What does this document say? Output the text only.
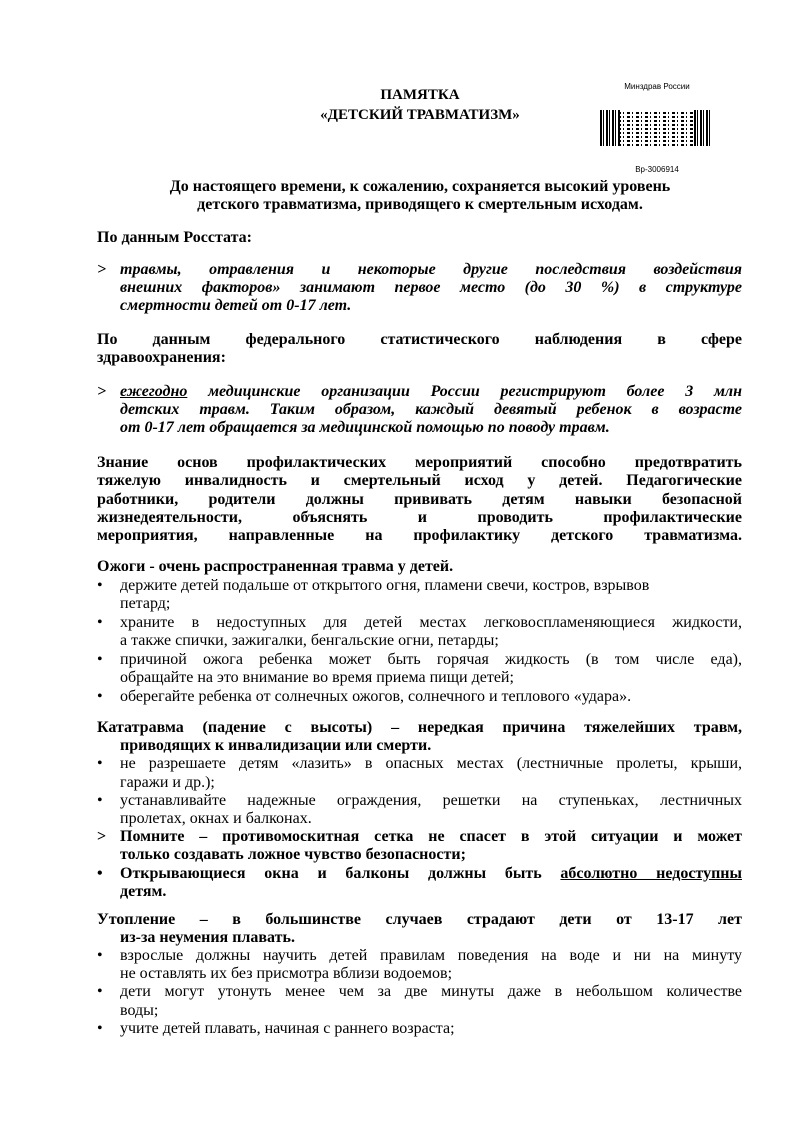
ПАМЯТКА
«ДЕТСКИЙ ТРАВМАТИЗМ»
Минздрав России
Вр-3006914
До настоящего времени, к сожалению, сохраняется высокий уровень
детского травматизма, приводящего к смертельным исходам.
По данным Росстата:
> травмы, отравления и некоторые другие последствия воздействия
внешних факторов» занимают первое место (до 30 %) в структуре
смертности детей от 0-17 лет.
По данным федерального статистического наблюдения в сфере
здравоохранения:
> ежегодно медицинские организации России регистрируют более 3 млн
детских травм. Таким образом, каждый девятый ребенок в возрасте
от 0-17 лет обращается за медицинской помощью по поводу травм.
Знание основ профилактических мероприятий способно предотвратить
тяжелую инвалидность и смертельный исход у детей. Педагогические
работники, родители должны прививать детям навыки безопасной
жизнедеятельности, объяснять и проводить профилактические
мероприятия, направленные на профилактику детского травматизма.
Ожоги - очень распространенная травма у детей.
• держите детей подальше от открытого огня, пламени свечи, костров, взрывов
петард;
• храните в недоступных для детей местах легковоспламеняющиеся жидкости,
а также спички, зажигалки, бенгальские огни, петарды;
• причиной ожога ребенка может быть горячая жидкость (в том числе еда),
обращайте на это внимание во время приема пищи детей;
• оберегайте ребенка от солнечных ожогов, солнечного и теплового «удара».
Кататравма (падение с высоты) – нередкая причина тяжелейших травм,
приводящих к инвалидизации или смерти.
• не разрешаете детям «лазить» в опасных местах (лестничные пролеты, крыши,
гаражи и др.);
• устанавливайте надежные ограждения, решетки на ступеньках, лестничных
пролетах, окнах и балконах.
> Помните – противомоскитная сетка не спасет в этой ситуации и может
только создавать ложное чувство безопасности;
• Открывающиеся окна и балконы должны быть абсолютно недоступны
детям.
Утопление – в большинстве случаев страдают дети от 13-17 лет
из-за неумения плавать.
• взрослые должны научить детей правилам поведения на воде и ни на минуту
не оставлять их без присмотра вблизи водоемов;
• дети могут утонуть менее чем за две минуты даже в небольшом количестве
воды;
• учите детей плавать, начиная с раннего возраста;
